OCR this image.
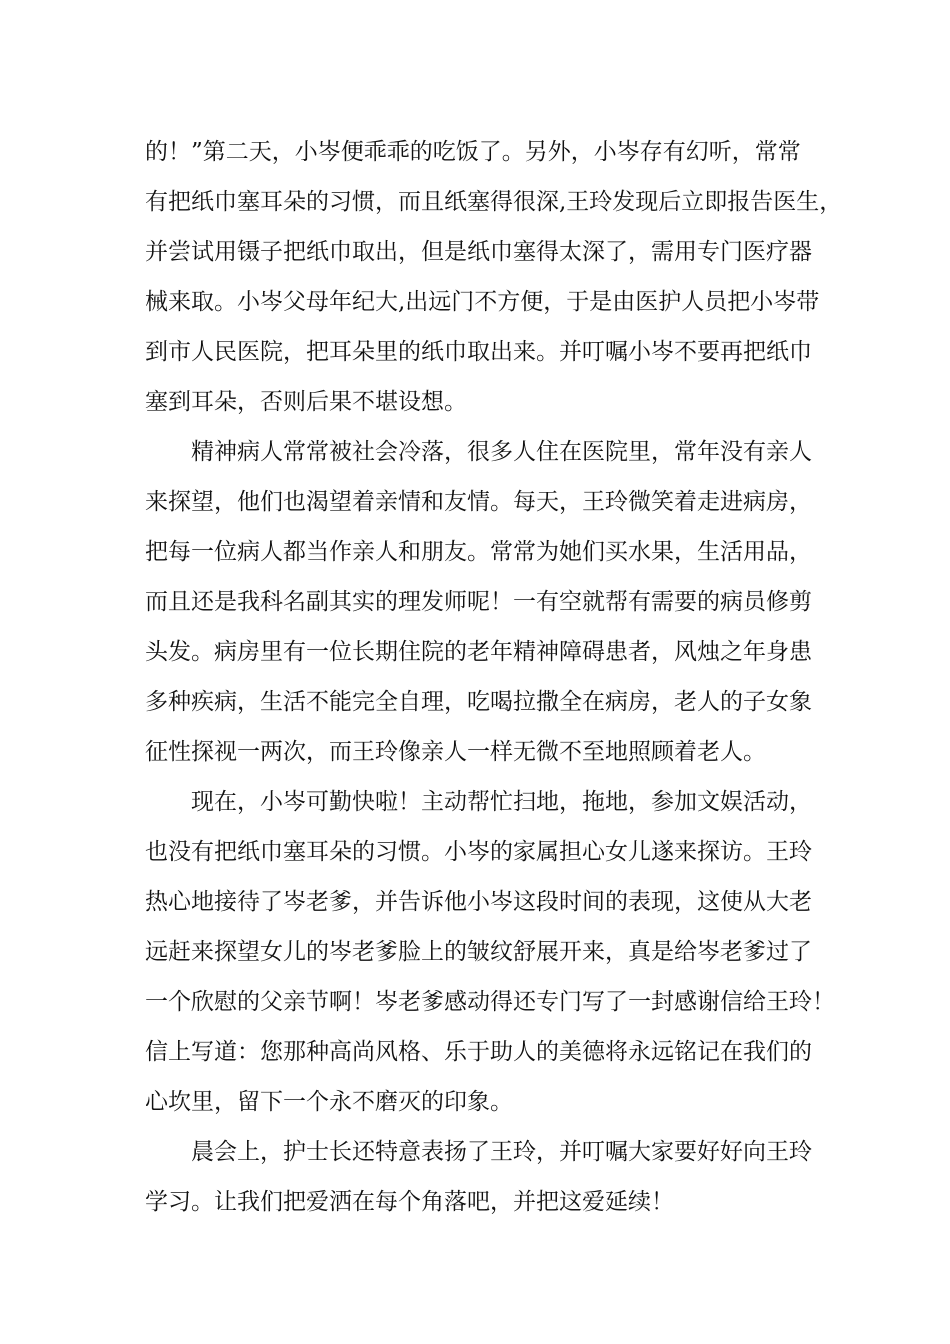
的！”第二天，小岑便乖乖的吃饭了。另外，小岑存有幻听，常常
有把纸巾塞耳朵的习惯，而且纸塞得很深,王玲发现后立即报告医生，
并尝试用镊子把纸巾取出，但是纸巾塞得太深了，需用专门医疗器
械来取。小岑父母年纪大,出远门不方便，于是由医护人员把小岑带
到市人民医院，把耳朵里的纸巾取出来。并叮嘱小岑不要再把纸巾
塞到耳朵，否则后果不堪设想。
精神病人常常被社会冷落，很多人住在医院里，常年没有亲人
来探望，他们也渴望着亲情和友情。每天，王玲微笑着走进病房，
把每一位病人都当作亲人和朋友。常常为她们买水果，生活用品，
而且还是我科名副其实的理发师呢！一有空就帮有需要的病员修剪
头发。病房里有一位长期住院的老年精神障碍患者，风烛之年身患
多种疾病，生活不能完全自理，吃喝拉撒全在病房，老人的子女象
征性探视一两次，而王玲像亲人一样无微不至地照顾着老人。
现在，小岑可勤快啦！主动帮忙扫地，拖地，参加文娱活动，
也没有把纸巾塞耳朵的习惯。小岑的家属担心女儿遂来探访。王玲
热心地接待了岑老爹，并告诉他小岑这段时间的表现，这使从大老
远赶来探望女儿的岑老爹脸上的皱纹舒展开来，真是给岑老爹过了
一个欣慰的父亲节啊！岑老爹感动得还专门写了一封感谢信给王玲！
信上写道：您那种高尚风格、乐于助人的美德将永远铭记在我们的
心坎里，留下一个永不磨灭的印象。
晨会上，护士长还特意表扬了王玲，并叮嘱大家要好好向王玲
学习。让我们把爱洒在每个角落吧，并把这爱延续！
